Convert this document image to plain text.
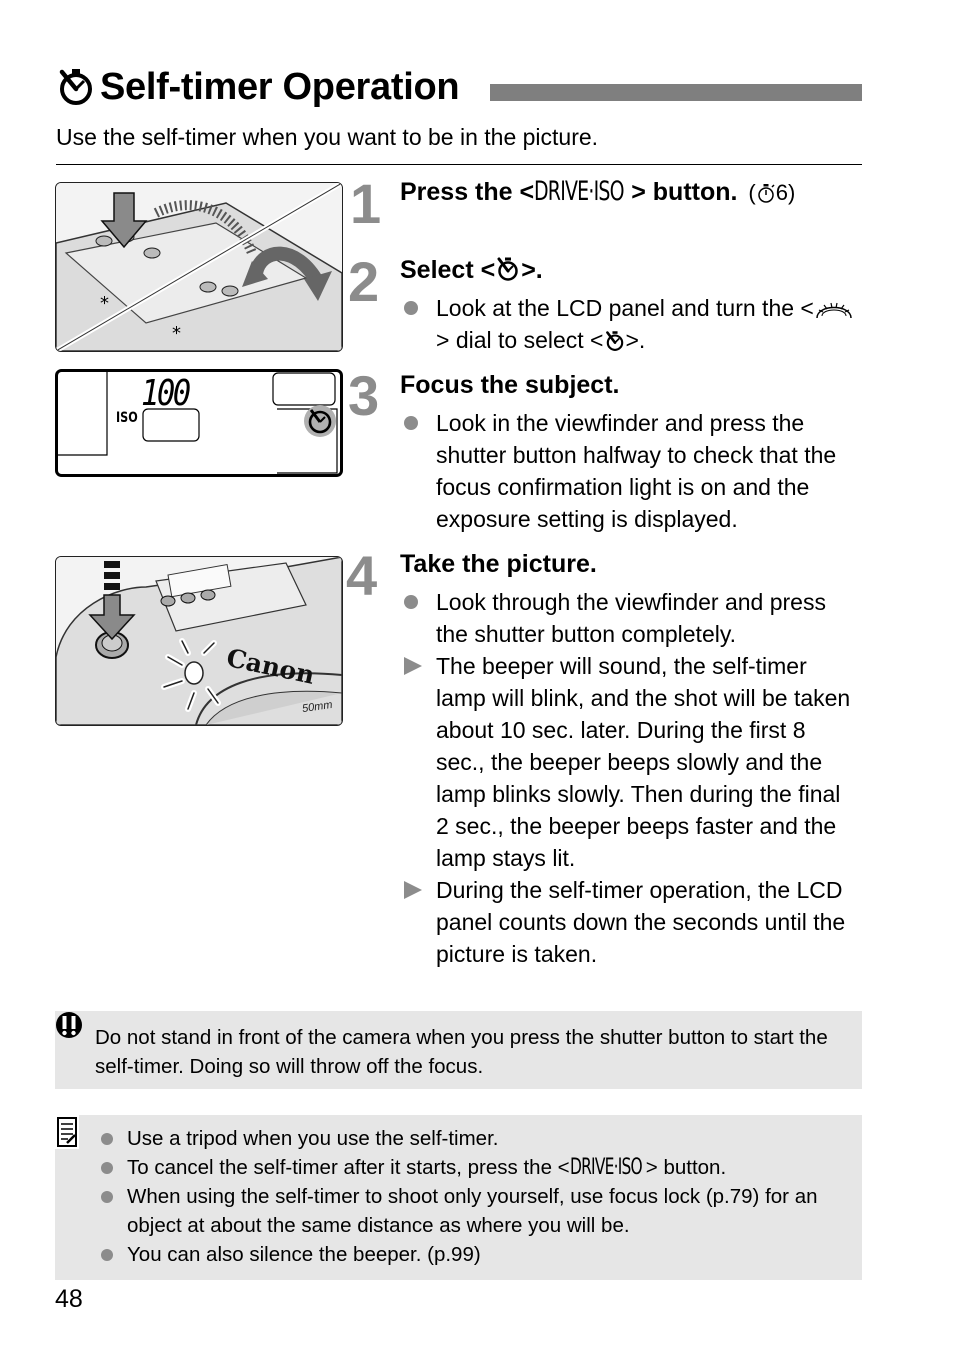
Self-timer Operation
Use the self-timer when you want to be in the picture.
*
*
100
ISO
Canon
50mm
1
2
3
4
Press the <DRIVE·ISO > button. ( 6)
Select < >.
Look at the LCD panel and turn the <> dial to select < >.
Focus the subject.
Look in the viewfinder and press the shutter button halfway to check that the focus confirmation light is on and the exposure setting is displayed.
Take the picture.
Look through the viewfinder and press the shutter button completely.
The beeper will sound, the self-timer lamp will blink, and the shot will be taken about 10 sec. later. During the first 8 sec., the beeper beeps slowly and the lamp blinks slowly. Then during the final 2 sec., the beeper beeps faster and the lamp stays lit.
During the self-timer operation, the LCD panel counts down the seconds until the picture is taken.
Do not stand in front of the camera when you press the shutter button to start the self-timer. Doing so will throw off the focus.
Use a tripod when you use the self-timer.
To cancel the self-timer after it starts, press the <DRIVE·ISO > button.
When using the self-timer to shoot only yourself, use focus lock (p.79) for an object at about the same distance as where you will be.
You can also silence the beeper. (p.99)
48
